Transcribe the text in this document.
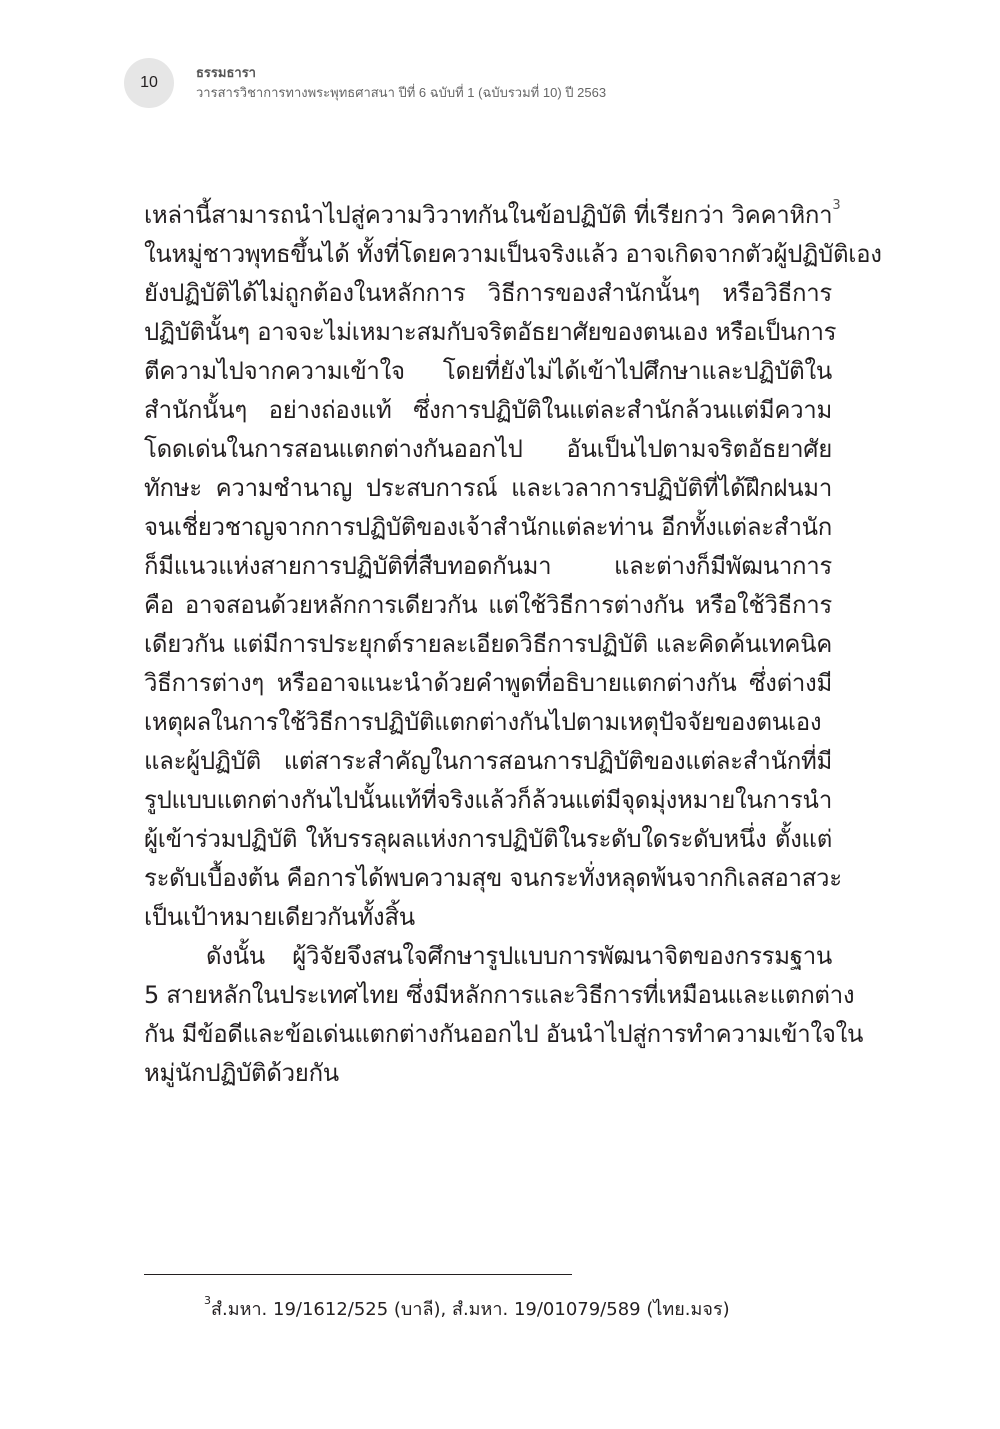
10
ธรรมธารา
วารสารวิชาการทางพระพุทธศาสนา ปีที่ 6 ฉบับที่ 1 (ฉบับรวมที่ 10) ปี 2563
เหล่านี้สามารถนำไปสู่ความวิวาทกันในข้อปฏิบัติ ที่เรียกว่า วิคคาหิกา$^3$
ในหมู่ชาวพุทธขึ้นได้ ทั้งที่โดยความเป็นจริงแล้ว อาจเกิดจากตัวผู้ปฏิบัติเอง
ยังปฏิบัติได้ไม่ถูกต้องในหลักการ วิธีการของสำนักนั้นๆ หรือวิธีการ
ปฏิบัตินั้นๆ อาจจะไม่เหมาะสมกับจริตอัธยาศัยของตนเอง หรือเป็นการ
ตีความไปจากความเข้าใจ โดยที่ยังไม่ได้เข้าไปศึกษาและปฏิบัติใน
สำนักนั้นๆ อย่างถ่องแท้ ซึ่งการปฏิบัติในแต่ละสำนักล้วนแต่มีความ
โดดเด่นในการสอนแตกต่างกันออกไป อันเป็นไปตามจริตอัธยาศัย
ทักษะ ความชำนาญ ประสบการณ์ และเวลาการปฏิบัติที่ได้ฝึกฝนมา
จนเชี่ยวชาญจากการปฏิบัติของเจ้าสำนักแต่ละท่าน อีกทั้งแต่ละสำนัก
ก็มีแนวแห่งสายการปฏิบัติที่สืบทอดกันมา และต่างก็มีพัฒนาการ
คือ อาจสอนด้วยหลักการเดียวกัน แต่ใช้วิธีการต่างกัน หรือใช้วิธีการ
เดียวกัน แต่มีการประยุกต์รายละเอียดวิธีการปฏิบัติ และคิดค้นเทคนิค
วิธีการต่างๆ หรืออาจแนะนำด้วยคำพูดที่อธิบายแตกต่างกัน ซึ่งต่างมี
เหตุผลในการใช้วิธีการปฏิบัติแตกต่างกันไปตามเหตุปัจจัยของตนเอง
และผู้ปฏิบัติ แต่สาระสำคัญในการสอนการปฏิบัติของแต่ละสำนักที่มี
รูปแบบแตกต่างกันไปนั้นแท้ที่จริงแล้วก็ล้วนแต่มีจุดมุ่งหมายในการนำ
ผู้เข้าร่วมปฏิบัติ ให้บรรลุผลแห่งการปฏิบัติในระดับใดระดับหนึ่ง ตั้งแต่
ระดับเบื้องต้น คือการได้พบความสุข จนกระทั่งหลุดพ้นจากกิเลสอาสวะ
เป็นเป้าหมายเดียวกันทั้งสิ้น
ดังนั้น ผู้วิจัยจึงสนใจศึกษารูปแบบการพัฒนาจิตของกรรมฐาน
5 สายหลักในประเทศไทย ซึ่งมีหลักการและวิธีการที่เหมือนและแตกต่าง
กัน มีข้อดีและข้อเด่นแตกต่างกันออกไป อันนำไปสู่การทำความเข้าใจใน
หมู่นักปฏิบัติด้วยกัน
$^3$สํ.มหา. 19/1612/525 (บาลี), สํ.มหา. 19/01079/589 (ไทย.มจร)
